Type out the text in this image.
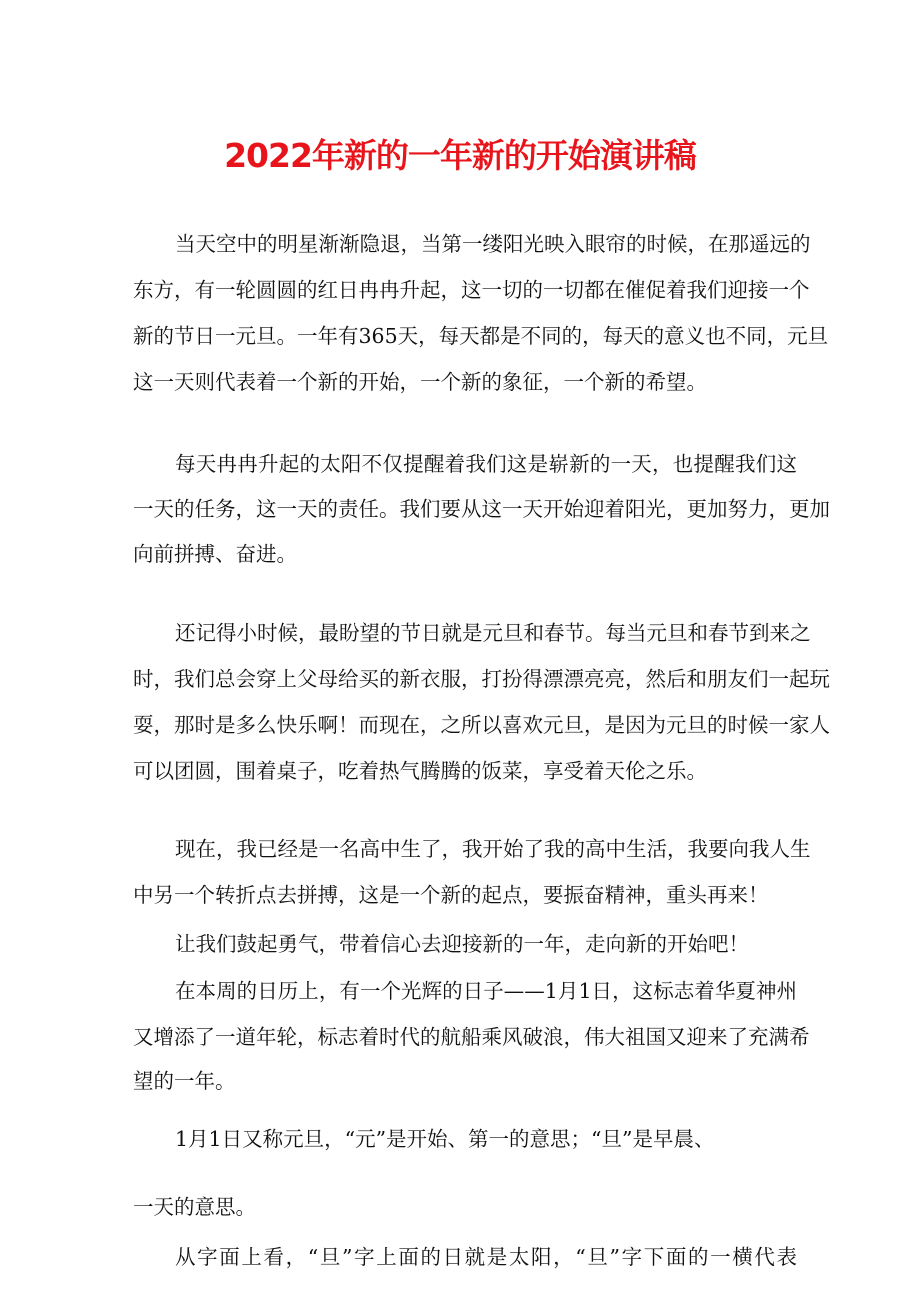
2022年新的一年新的开始演讲稿
当天空中的明星渐渐隐退，当第一缕阳光映入眼帘的时候，在那遥远的
东方，有一轮圆圆的红日冉冉升起，这一切的一切都在催促着我们迎接一个
新的节日一元旦。一年有365天，每天都是不同的，每天的意义也不同，元旦
这一天则代表着一个新的开始，一个新的象征，一个新的希望。
每天冉冉升起的太阳不仅提醒着我们这是崭新的一天，也提醒我们这
一天的任务，这一天的责任。我们要从这一天开始迎着阳光，更加努力，更加
向前拼搏、奋进。
还记得小时候，最盼望的节日就是元旦和春节。每当元旦和春节到来之
时，我们总会穿上父母给买的新衣服，打扮得漂漂亮亮，然后和朋友们一起玩
耍，那时是多么快乐啊！而现在，之所以喜欢元旦，是因为元旦的时候一家人
可以团圆，围着桌子，吃着热气腾腾的饭菜，享受着天伦之乐。
现在，我已经是一名高中生了，我开始了我的高中生活，我要向我人生
中另一个转折点去拼搏，这是一个新的起点，要振奋精神，重头再来！
让我们鼓起勇气，带着信心去迎接新的一年，走向新的开始吧！
在本周的日历上，有一个光辉的日子——1月1日，这标志着华夏神州
又增添了一道年轮，标志着时代的航船乘风破浪，伟大祖国又迎来了充满希
望的一年。
1月1日又称元旦，“元”是开始、第一的意思；“旦”是早晨、
一天的意思。
从字面上看，“旦”字上面的日就是太阳，“旦”字下面的一横代表
